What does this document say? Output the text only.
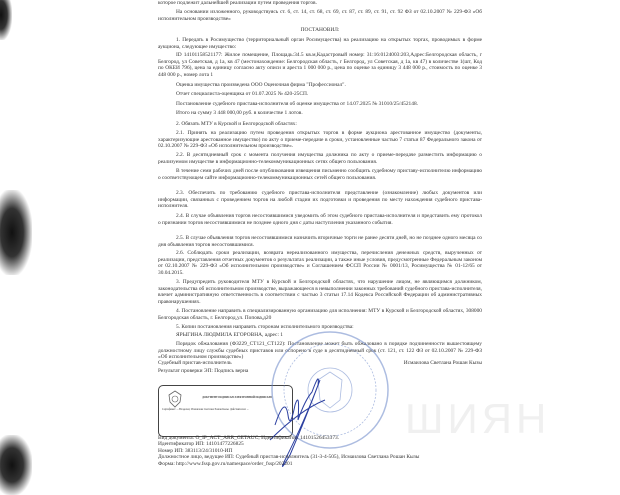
ШИЯН
которое подлежит дальнейшей реализации путем проведения торгов.
На основании изложенного, руководствуясь ст. 6, ст. 14, ст. 68, ст. 69, ст. 87, ст. 89, ст. 91, ст. 92 ФЗ от 02.10.2007 № 229-ФЗ «Об исполнительном производстве»
ПОСТАНОВИЛ:
1. Передать в Росимущество (территориальный орган Росимущества) на реализацию на открытых торгах, проводимых в форме аукциона, следующее имущество:
ID 14101158521177: Жилое помещение, Площадь:34.5 кв.м,Кадастровый номер: 31:16:0124003:203,Адрес:Белгородская область, г Белгород, ул Советская, д 1а, кв 47 (местонахождение: Белгородская область, г Белгород, ул Советская, д 1а, кв 47) в количестве 1(шт, Код по ОКЕИ 796), цена за единицу согласно акту описи и ареста 1 000 000 р., цена по оценке за единицу 3 448 000 р., стоимость по оценке 3 448 000 р., номер лота 1
Оценка имущества произведена ООО Оценочная фирма "Профессионал".
Отчет специалиста-оценщика от 01.07.2025 № 420-25СП.
Постановление судебного пристава-исполнителя об оценке имущества от 14.07.2025 № 31010/25/452148.
Итого на сумму 3 448 000,00 руб. в количестве 1 лотов.
2. Обязать МТУ в Курской и Белгородской областях:
2.1. Принять на реализацию путем проведения открытых торгов в форме аукциона арестованное имущество (документы, характеризующие арестованное имущество) по акту о приеме-передаче в сроки, установленные частью 7 статьи 87 Федерального закона от 02.10.2007 № 229-ФЗ «Об исполнительном производстве».
2.2. В десятидневный срок с момента получения имущества должника по акту о приеме-передаче разместить информацию о реализуемом имуществе в информационно-телекоммуникационных сетях общего пользования.
В течение семи рабочих дней после опубликования извещения письменно сообщить судебному приставу-исполнителю информацию о соответствующем сайте информационно-телекоммуникационных сетей общего пользования.
2.3. Обеспечить по требованию судебного пристава-исполнителя представление (ознакомление) любых документов или информации, связанных с проведением торгов на любой стадии их подготовки и проведения по месту нахождения судебного пристава-исполнителя.
2.4. В случае объявления торгов несостоявшимися уведомить об этом судебного пристава-исполнителя и представить ему протокол о признании торгов несостоявшимися не позднее одного дня с даты наступления указанного события.
2.5. В случае объявления торгов несостоявшимися назначить вторичные торги не ранее десяти дней, но не позднее одного месяца со дня объявления торгов несостоявшимися.
2.6. Соблюдать сроки реализации, возврата нереализованного имущества, перечисления денежных средств, вырученных от реализации, представления отчетных документов о результатах реализации, а также иные условия, предусмотренные Федеральным законом от 02.10.2007 № 229-ФЗ «Об исполнительном производстве» и Соглашением ФССП России № 0001/13, Росимущества № 01-12/65 от 30.04.2015.
3. Предупредить руководителя МТУ в Курской и Белгородской областях, что нарушение лицом, не являющимся должником, законодательства об исполнительном производстве, выражающееся в невыполнении законных требований судебного пристава-исполнителя, влечет административную ответственность в соответствии с частью 3 статьи 17.14 Кодекса Российской Федерации об административных правонарушениях.
4. Постановление направить в специализированную организацию для исполнения: МТУ в Курской и Белгородской областях, 308000 Белгородская область, г. Белгород,ул. Попова,д20
5. Копии постановления направить сторонам исполнительного производства:
ЯРЫГИНА ЛЮДМИЛА ЕГОРОВНА, адрес: 1
Порядок обжалования (ФЗ229_СТ121_СТ122): Постановление может быть обжаловано в порядке подчиненности вышестоящему должностному лицу службы судебных приставов или оспорено в суде в десятидневный срок (ст. 121, ст. 122 ФЗ от 02.10.2007 № 229-ФЗ «Об исполнительном производстве»)
Судебный пристав-исполнитель	Исмаилова Светлана Рошан Кызы
Результат проверки ЭП: Подпись верна
ДОКУМЕНТ ПОДПИСАН ЭЛЕКТРОННОЙ ПОДПИСЬЮ
Сертификат: ... Владелец: Исмаилова Светлана Рошан Кызы. Действителен: ...
Вид документа: O_IP_ACT_ARR_GETAUC; Идентификатор: 14101526453373.
Идентификатор ИП: 14101477226825
Номер ИП: 383113/24/31010-ИП
Должностное лицо, ведущее ИП: Судебный пристав-исполнитель (31-3-4-505), Исмаилова Светлана Рошан Кызы
Форма: http://www.fssp.gov.ru/namespace/order_fssp/202201
